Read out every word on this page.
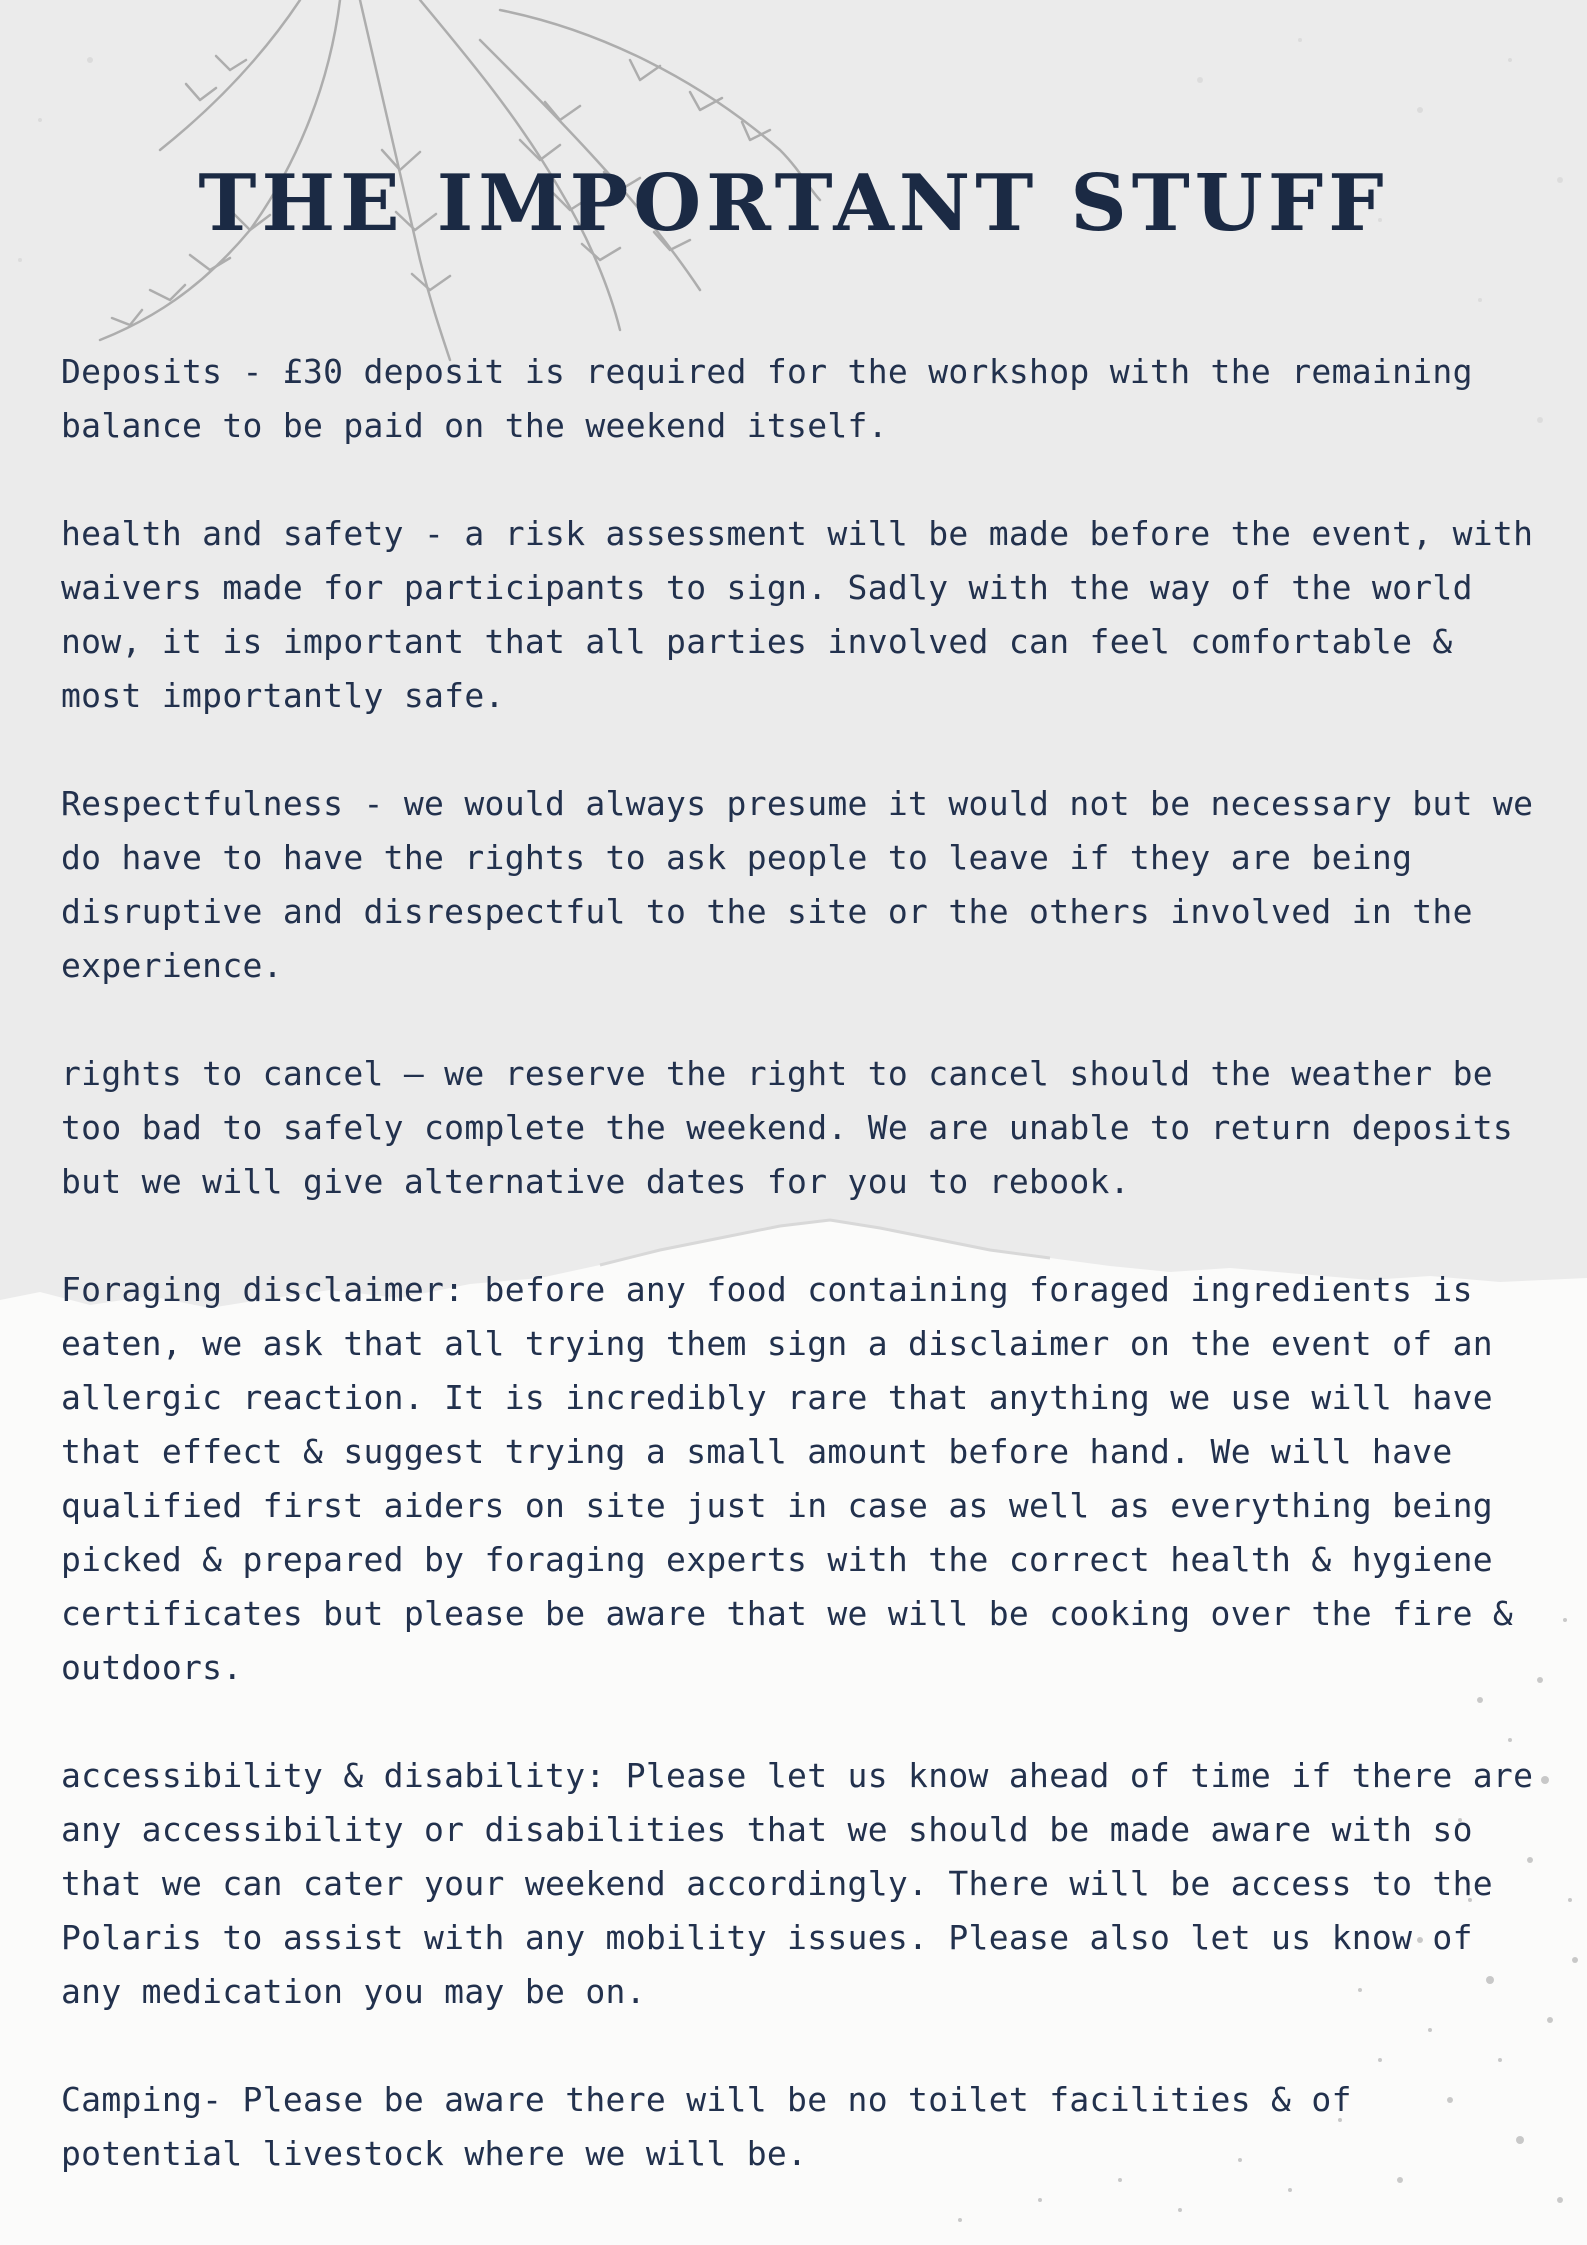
THE IMPORTANT STUFF

Deposits - £30 deposit is required for the workshop with the remaining balance to be paid on the weekend itself.

health and safety - a risk assessment will be made before the event, with waivers made for participants to sign. Sadly with the way of the world now, it is important that all parties involved can feel comfortable & most importantly safe.

Respectfulness - we would always presume it would not be necessary but we do have to have the rights to ask people to leave if they are being disruptive and disrespectful to the site or the others involved in the experience.

rights to cancel – we reserve the right to cancel should the weather be too bad to safely complete the weekend. We are unable to return deposits but we will give alternative dates for you to rebook.

Foraging disclaimer: before any food containing foraged ingredients is eaten, we ask that all trying them sign a disclaimer on the event of an allergic reaction. It is incredibly rare that anything we use will have that effect & suggest trying a small amount before hand. We will have qualified first aiders on site just in case as well as everything being picked & prepared by foraging experts with the correct health & hygiene certificates but please be aware that we will be cooking over the fire & outdoors.

accessibility & disability: Please let us know ahead of time if there are any accessibility or disabilities that we should be made aware with so that we can cater your weekend accordingly. There will be access to the Polaris to assist with any mobility issues. Please also let us know of any medication you may be on.

Camping- Please be aware there will be no toilet facilities & of potential livestock where we will be.
